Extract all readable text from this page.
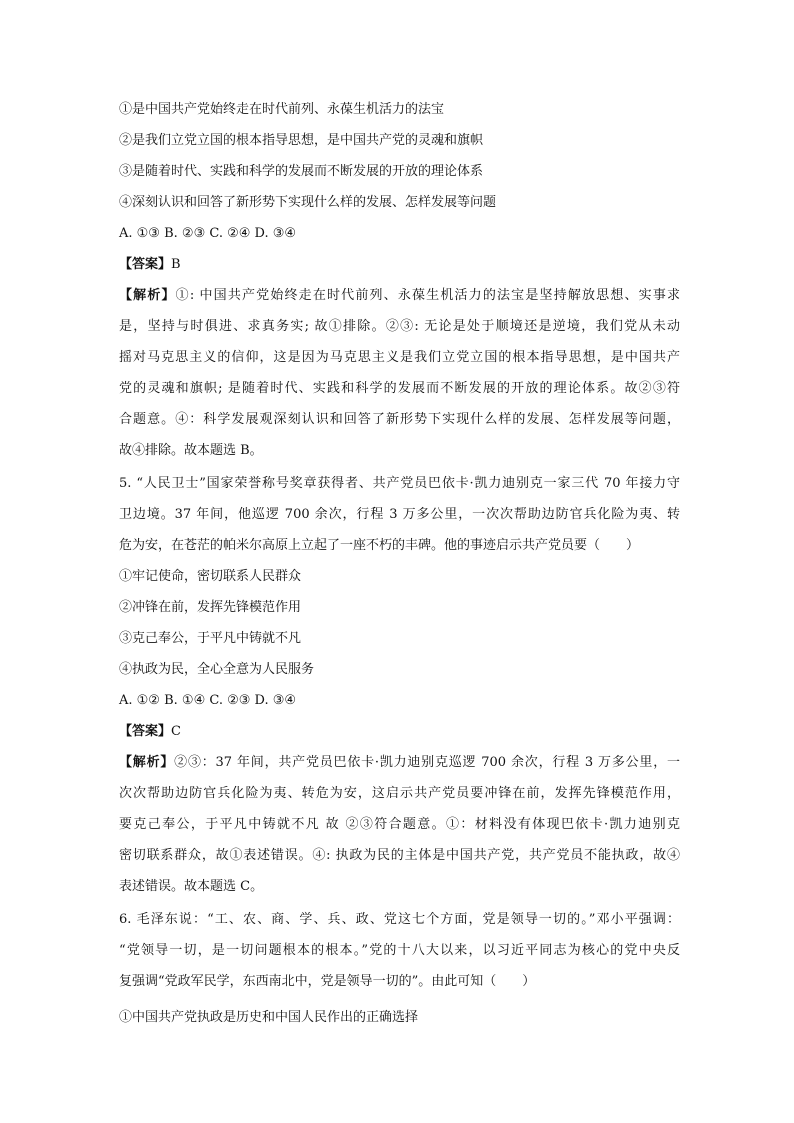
①是中国共产党始终走在时代前列、永葆生机活力的法宝
②是我们立党立国的根本指导思想，是中国共产党的灵魂和旗帜
③是随着时代、实践和科学的发展而不断发展的开放的理论体系
④深刻认识和回答了新形势下实现什么样的发展、怎样发展等问题
A. ①③ B. ②③ C. ②④ D. ③④
【答案】B
【解析】①: 中国共产党始终走在时代前列、永葆生机活力的法宝是坚持解放思想、实事求
是，坚持与时俱进、求真务实; 故①排除。②③: 无论是处于顺境还是逆境，我们党从未动
摇对马克思主义的信仰，这是因为马克思主义是我们立党立国的根本指导思想，是中国共产
党的灵魂和旗帜; 是随着时代、实践和科学的发展而不断发展的开放的理论体系。故②③符
合题意。④：科学发展观深刻认识和回答了新形势下实现什么样的发展、怎样发展等问题，
故④排除。故本题选 B。
5. “人民卫士”国家荣誉称号奖章获得者、共产党员巴依卡·凯力迪别克一家三代 70 年接力守
卫边境。37 年间，他巡逻 700 余次，行程 3 万多公里，一次次帮助边防官兵化险为夷、转
危为安，在苍茫的帕米尔高原上立起了一座不朽的丰碑。他的事迹启示共产党员要（　　）
①牢记使命，密切联系人民群众
②冲锋在前，发挥先锋模范作用
③克己奉公，于平凡中铸就不凡
④执政为民，全心全意为人民服务
A. ①② B. ①④ C. ②③ D. ③④
【答案】C
【解析】②③：37 年间，共产党员巴依卡·凯力迪别克巡逻 700 余次，行程 3 万多公里，一
次次帮助边防官兵化险为夷、转危为安，这启示共产党员要冲锋在前，发挥先锋模范作用，
要克己奉公，于平凡中铸就不凡 故 ②③符合题意。①：材料没有体现巴依卡·凯力迪别克
密切联系群众，故①表述错误。④: 执政为民的主体是中国共产党，共产党员不能执政，故④
表述错误。故本题选 C。
6. 毛泽东说：“工、农、商、学、兵、政、党这七个方面，党是领导一切的。”邓小平强调：
“党领导一切，是一切问题根本的根本。”党的十八大以来，以习近平同志为核心的党中央反
复强调“党政军民学，东西南北中，党是领导一切的”。由此可知（　　）
①中国共产党执政是历史和中国人民作出的正确选择
